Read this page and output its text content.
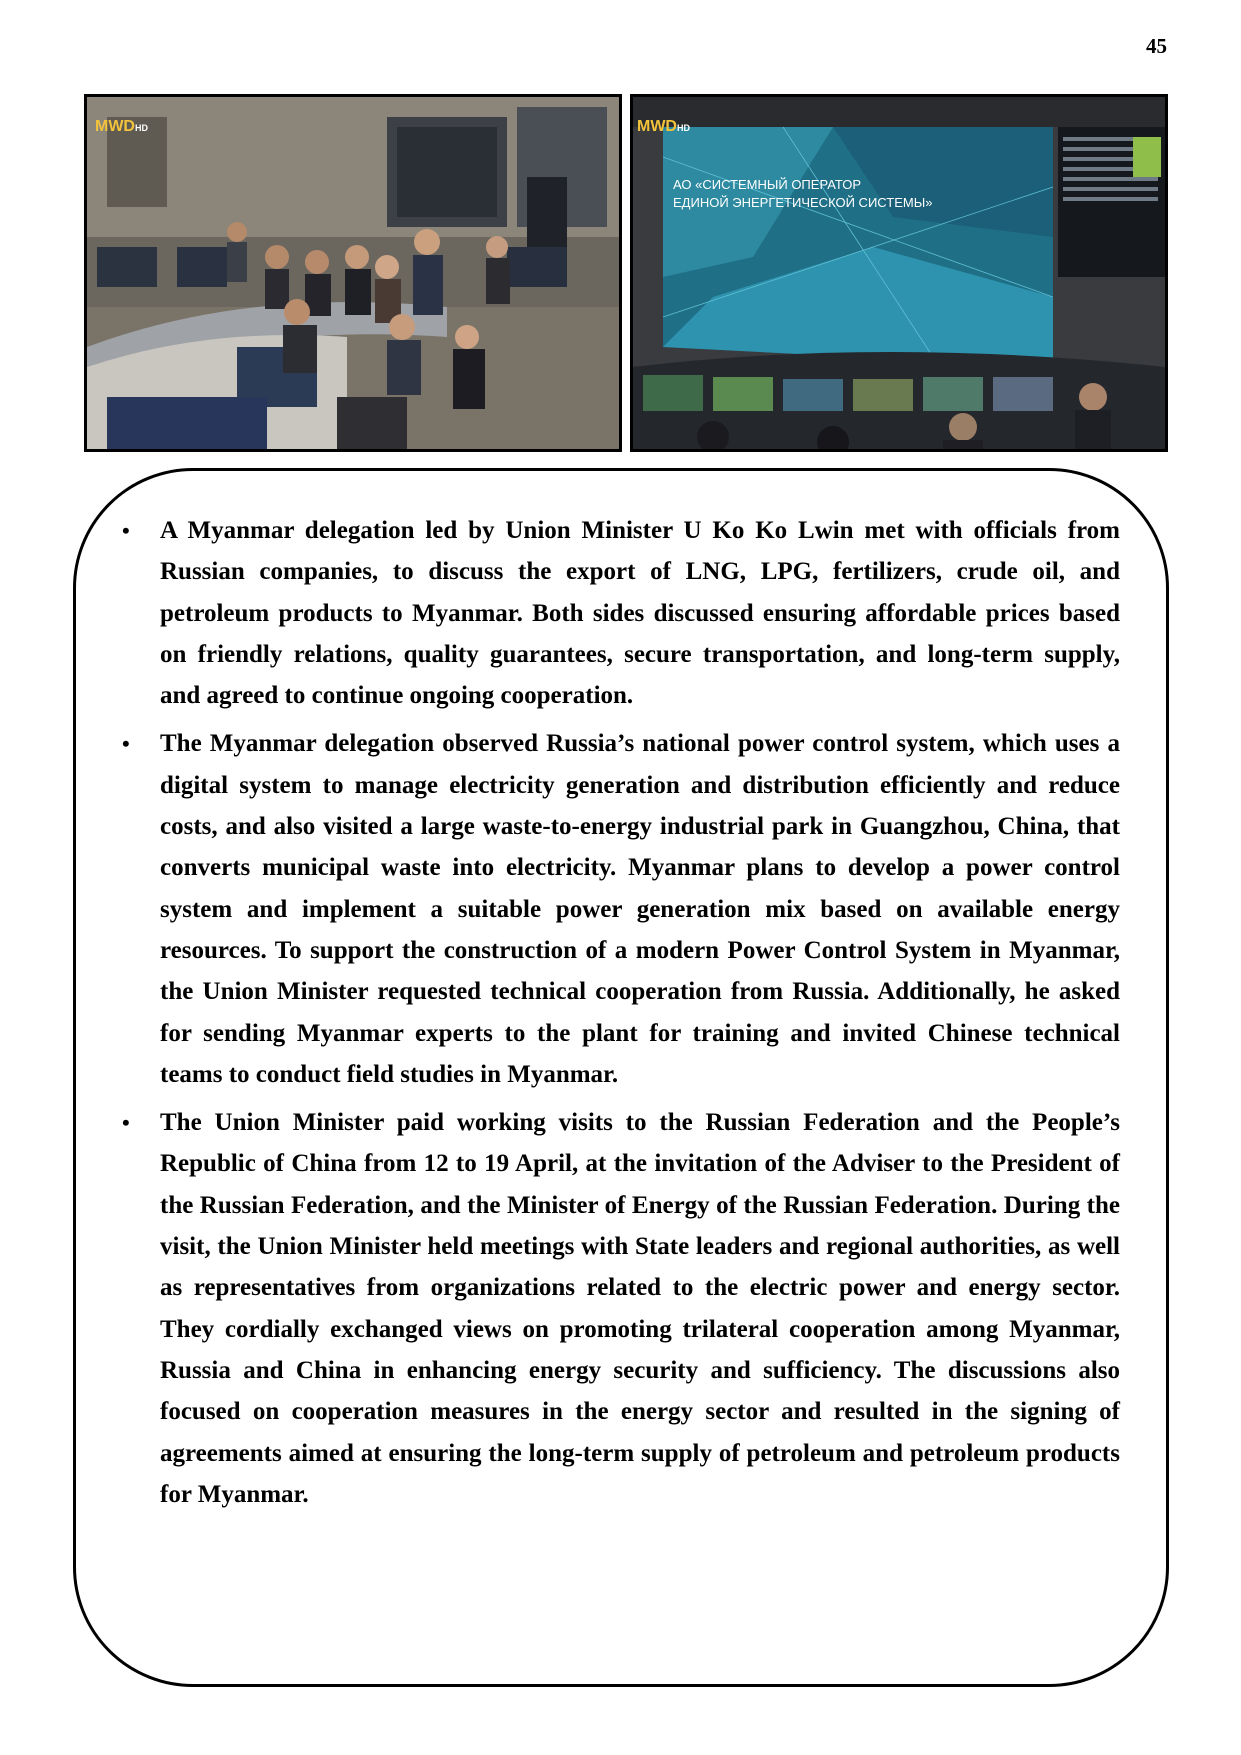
45
MWD HD	MWD HD
АО «СИСТЕМНЫЙ ОПЕРАТОР
ЕДИНОЙ ЭНЕРГЕТИЧЕСКОЙ СИСТЕМЫ»
• A Myanmar delegation led by Union Minister U Ko Ko Lwin met with officials from Russian companies, to discuss the export of LNG, LPG, fertilizers, crude oil, and petroleum products to Myanmar. Both sides discussed ensuring affordable prices based on friendly relations, quality guarantees, secure transportation, and long-term supply, and agreed to continue ongoing cooperation.
• The Myanmar delegation observed Russia’s national power control system, which uses a digital system to manage electricity generation and distribution efficiently and reduce costs, and also visited a large waste-to-energy industrial park in Guangzhou, China, that converts municipal waste into electricity. Myanmar plans to develop a power control system and implement a suitable power generation mix based on available energy resources. To support the construction of a modern Power Control System in Myanmar, the Union Minister requested technical cooperation from Russia. Additionally, he asked for sending Myanmar experts to the plant for training and invited Chinese technical teams to conduct field studies in Myanmar.
• The Union Minister paid working visits to the Russian Federation and the People’s Republic of China from 12 to 19 April, at the invitation of the Adviser to the President of the Russian Federation, and the Minister of Energy of the Russian Federation. During the visit, the Union Minister held meetings with State leaders and regional authorities, as well as representatives from organizations related to the electric power and energy sector. They cordially exchanged views on promoting trilateral cooperation among Myanmar, Russia and China in enhancing energy security and sufficiency. The discussions also focused on cooperation measures in the energy sector and resulted in the signing of agreements aimed at ensuring the long-term supply of petroleum and petroleum products for Myanmar.
